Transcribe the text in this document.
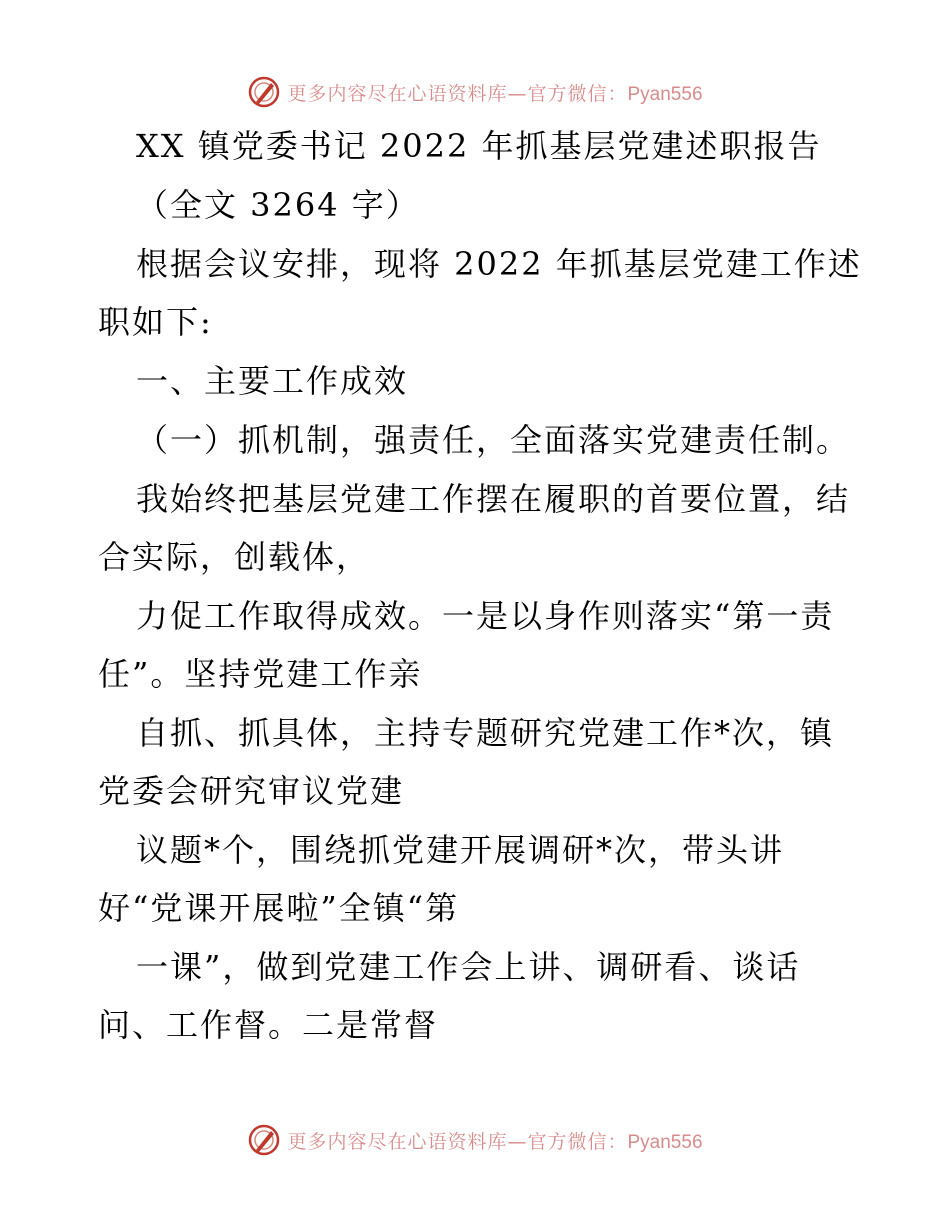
更多内容尽在心语资料库—官方微信：Pyan556
XX 镇党委书记 2022 年抓基层党建述职报告
（全文 3264 字）
根据会议安排，现将 2022 年抓基层党建工作述
职如下:
一、主要工作成效
（一）抓机制，强责任，全面落实党建责任制。
我始终把基层党建工作摆在履职的首要位置，结
合实际，创载体，
力促工作取得成效。一是以身作则落实“第一责
任”。坚持党建工作亲
自抓、抓具体，主持专题研究党建工作*次，镇
党委会研究审议党建
议题*个，围绕抓党建开展调研*次，带头讲
好“党课开展啦”全镇“第
一课”，做到党建工作会上讲、调研看、谈话
问、工作督。二是常督
更多内容尽在心语资料库—官方微信：Pyan556
